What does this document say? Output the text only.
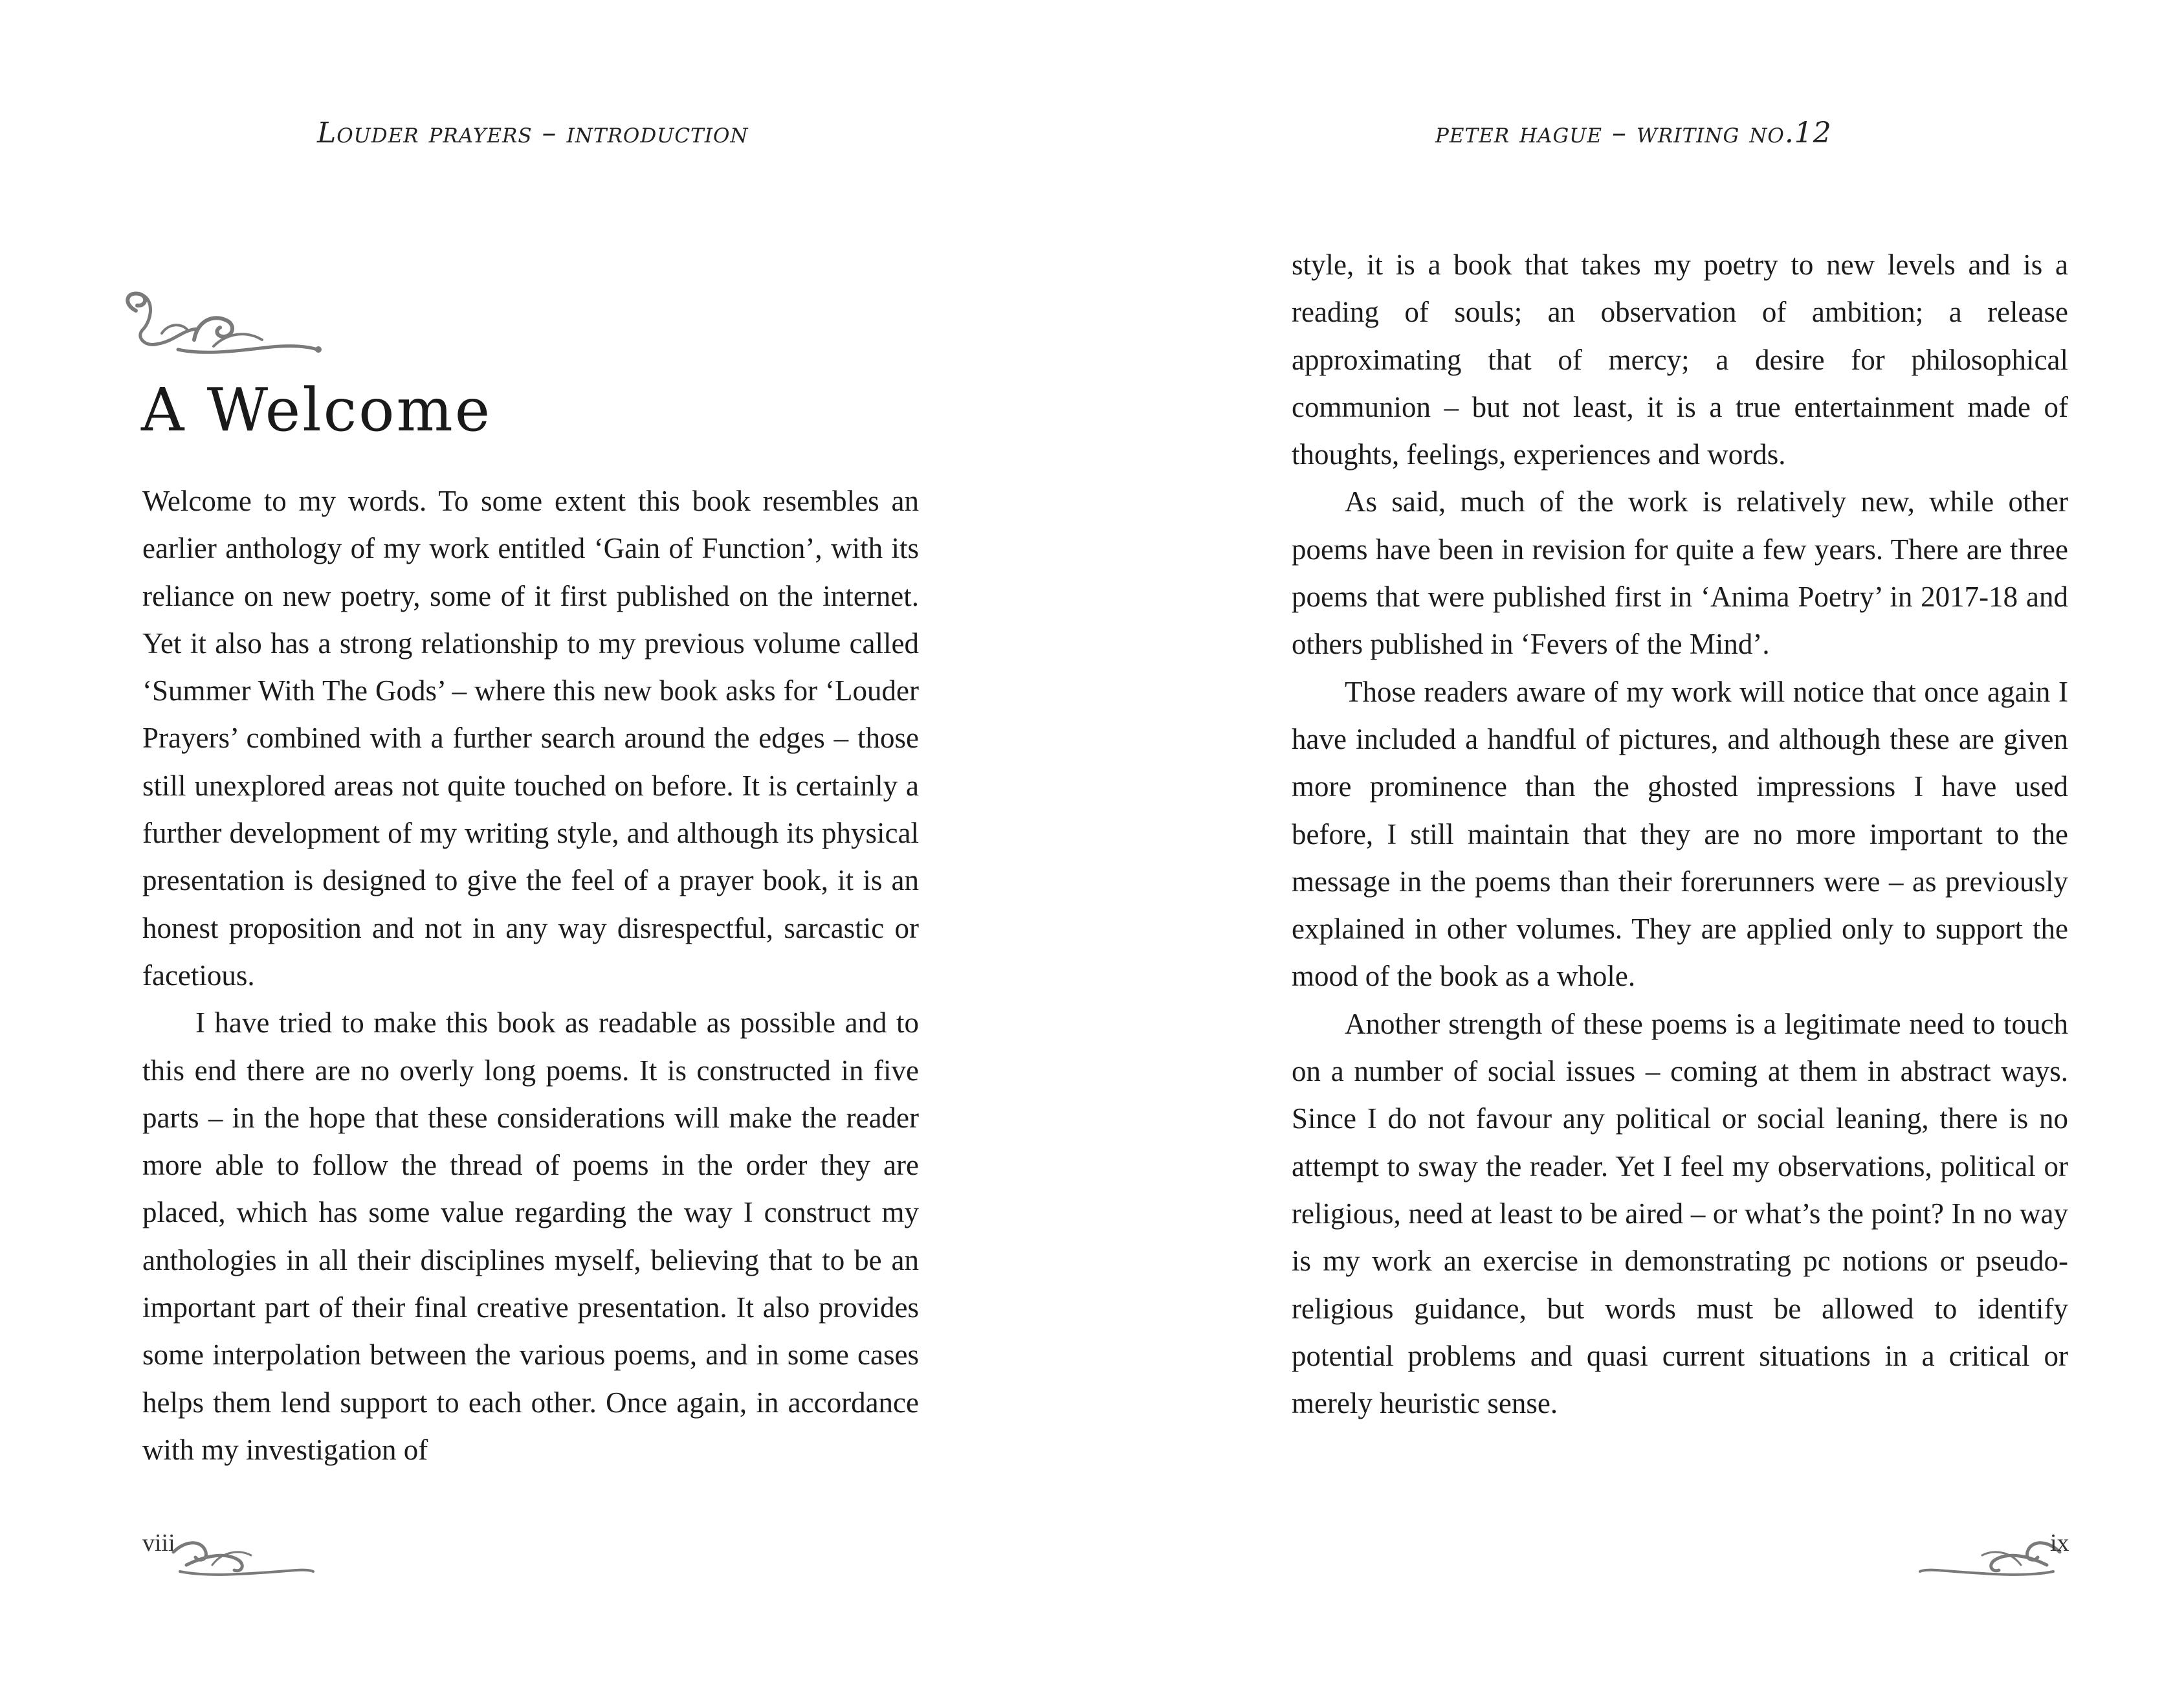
Louder prayers – introduction
A Welcome

Welcome to my words. To some extent this book resembles an earlier anthology of my work entitled ‘Gain of Function’, with its reliance on new poetry, some of it first published on the internet. Yet it also has a strong relationship to my previous volume called ‘Summer With The Gods’ – where this new book asks for ‘Louder Prayers’ combined with a further search around the edges – those still unexplored areas not quite touched on before. It is certainly a further development of my writing style, and although its physical presentation is designed to give the feel of a prayer book, it is an honest proposition and not in any way disrespectful, sarcastic or facetious.

I have tried to make this book as readable as possible and to this end there are no overly long poems. It is constructed in five parts – in the hope that these considerations will make the reader more able to follow the thread of poems in the order they are placed, which has some value regarding the way I construct my anthologies in all their disciplines myself, believing that to be an important part of their final creative presentation. It also provides some interpolation between the various poems, and in some cases helps them lend support to each other. Once again, in accordance with my investigation of

viii
peter hague – writing no.12

style, it is a book that takes my poetry to new levels and is a reading of souls; an observation of ambition; a release approximating that of mercy; a desire for philosophical communion – but not least, it is a true entertainment made of thoughts, feelings, experiences and words.

As said, much of the work is relatively new, while other poems have been in revision for quite a few years. There are three poems that were published first in ‘Anima Poetry’ in 2017-18 and others published in ‘Fevers of the Mind’.

Those readers aware of my work will notice that once again I have included a handful of pictures, and although these are given more prominence than the ghosted impressions I have used before, I still maintain that they are no more important to the message in the poems than their forerunners were – as previously explained in other volumes. They are applied only to support the mood of the book as a whole.

Another strength of these poems is a legitimate need to touch on a number of social issues – coming at them in abstract ways. Since I do not favour any political or social leaning, there is no attempt to sway the reader. Yet I feel my observations, political or religious, need at least to be aired – or what’s the point? In no way is my work an exercise in demonstrating pc notions or pseudo-religious guidance, but words must be allowed to identify potential problems and quasi current situations in a critical or merely heuristic sense.

ix
